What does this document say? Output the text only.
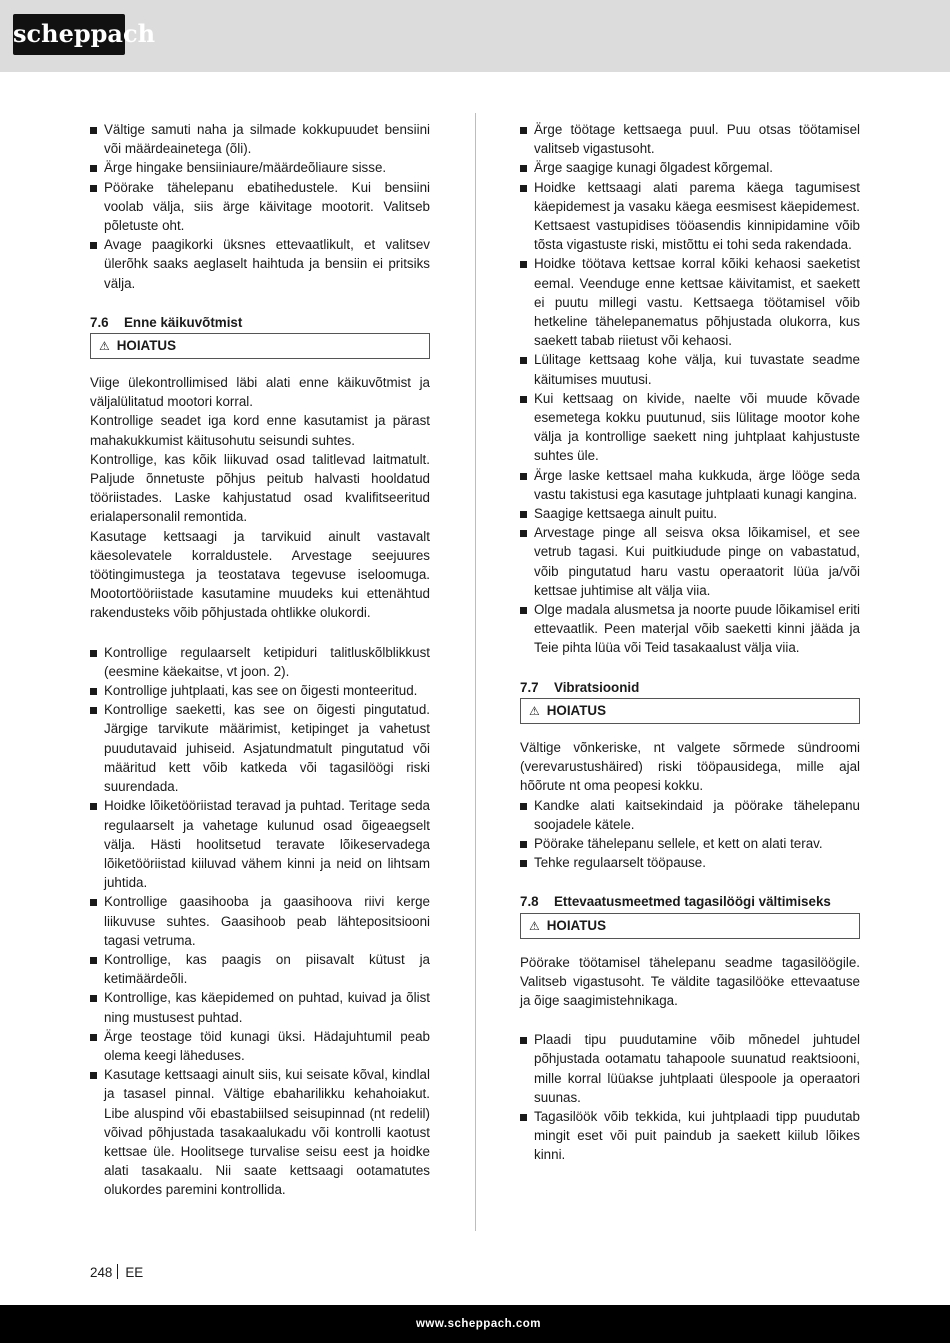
scheppach
Vältige samuti naha ja silmade kokkupuudet bensiini või määrdeainetega (õli).
Ärge hingake bensiiniaure/määrdeõliaure sisse.
Pöörake tähelepanu ebatihedustele. Kui bensiini voolab välja, siis ärge käivitage mootorit. Valitseb põletuste oht.
Avage paagikorki üksnes ettevaatlikult, et valitsev ülerõhk saaks aeglaselt haihtuda ja bensiin ei pritsiks välja.
7.6 Enne käikuvõtmist
⚠ HOIATUS

Viige ülekontrollimised läbi alati enne käikuvõtmist ja väljalülitatud mootori korral.

Kontrollige seadet iga kord enne kasutamist ja pärast mahakukkumist käitusohutu seisundi suhtes.

Kontrollige, kas kõik liikuvad osad talitlevad laitmatult. Paljude õnnetuste põhjus peitub halvasti hooldatud tööriistades. Laske kahjustatud osad kvalifitseeritud erialapersonalil remontida.

Kasutage kettsaagi ja tarvikuid ainult vastavalt käesolevatele korraldustele. Arvestage seejuures töötingimustega ja teostatava tegevuse iseloomuga. Mootortööriistade kasutamine muudeks kui ettenähtud rakendusteks võib põhjustada ohtlikke olukordi.

Kontrollige regulaarselt ketipiduri talitluskõlblikkust (eesmine käekaitse, vt joon. 2).
Kontrollige juhtplaati, kas see on õigesti monteeritud.
Kontrollige saeketti, kas see on õigesti pingutatud. Järgige tarvikute määrimist, ketipinget ja vahetust puudutavaid juhiseid. Asjatundmatult pingutatud või määritud kett võib katkeda või tagasilöögi riski suurendada.
Hoidke lõiketööriistad teravad ja puhtad. Teritage seda regulaarselt ja vahetage kulunud osad õigeaegselt välja. Hästi hoolitsetud teravate lõikeservadega lõiketööriistad kiiluvad vähem kinni ja neid on lihtsam juhtida.
Kontrollige gaasihooba ja gaasihoova riivi kerge liikuvuse suhtes. Gaasihoob peab lähtepositsiooni tagasi vetruma.
Kontrollige, kas paagis on piisavalt kütust ja ketimäärdeõli.
Kontrollige, kas käepidemed on puhtad, kuivad ja õlist ning mustusest puhtad.
Ärge teostage töid kunagi üksi. Hädajuhtumil peab olema keegi läheduses.
Kasutage kettsaagi ainult siis, kui seisate kõval, kindlal ja tasasel pinnal. Vältige ebaharilikku kehahoiakut. Libe aluspind või ebastabiilsed seisupinnad (nt redelil) võivad põhjustada tasakaalukadu või kontrolli kaotust kettsae üle. Hoolitsege turvalise seisu eest ja hoidke alati tasakaalu. Nii saate kettsaagi ootamatutes olukordes paremini kontrollida.
Ärge töötage kettsaega puul. Puu otsas töötamisel valitseb vigastusoht.
Ärge saagige kunagi õlgadest kõrgemal.
Hoidke kettsaagi alati parema käega tagumisest käepidemest ja vasaku käega eesmisest käepidemest. Kettsaest vastupidises tööasendis kinnipidamine võib tõsta vigastuste riski, mistõttu ei tohi seda rakendada.
Hoidke töötava kettsae korral kõiki kehaosi saeketist eemal. Veenduge enne kettsae käivitamist, et saekett ei puutu millegi vastu. Kettsaega töötamisel võib hetkeline tähelepanematus põhjustada olukorra, kus saekett tabab riietust või kehaosi.
Lülitage kettsaag kohe välja, kui tuvastate seadme käitumises muutusi.
Kui kettsaag on kivide, naelte või muude kõvade esemetega kokku puutunud, siis lülitage mootor kohe välja ja kontrollige saekett ning juhtplaat kahjustuste suhtes üle.
Ärge laske kettsael maha kukkuda, ärge lööge seda vastu takistusi ega kasutage juhtplaati kunagi kangina.
Saagige kettsaega ainult puitu.
Arvestage pinge all seisva oksa lõikamisel, et see vetrub tagasi. Kui puitkiudude pinge on vabastatud, võib pingutatud haru vastu operaatorit lüüa ja/või kettsae juhtimise alt välja viia.
Olge madala alusmetsa ja noorte puude lõikamisel eriti ettevaatlik. Peen materjal võib saeketti kinni jääda ja Teie pihta lüüa või Teid tasakaalust välja viia.
7.7 Vibratsioonid
⚠ HOIATUS

Vältige võnkeriske, nt valgete sõrmede sündroomi (verevarustushäired) riski tööpausidega, mille ajal hõõrute nt oma peopesi kokku.

Kandke alati kaitsekindaid ja pöörake tähelepanu soojadele kätele.
Pöörake tähelepanu sellele, et kett on alati terav.
Tehke regulaarselt tööpause.
7.8 Ettevaatusmeetmed tagasilöögi vältimiseks
⚠ HOIATUS

Pöörake töötamisel tähelepanu seadme tagasilöögile. Valitseb vigastusoht. Te väldite tagasilööke ettevaatuse ja õige saagimistehnikaga.

Plaadi tipu puudutamine võib mõnedel juhtudel põhjustada ootamatu tahapoole suunatud reaktsiooni, mille korral lüüakse juhtplaati ülespoole ja operaatori suunas.
Tagasilöök võib tekkida, kui juhtplaadi tipp puudutab mingit eset või puit paindub ja saekett kiilub lõikes kinni.
248 EE
www.scheppach.com
